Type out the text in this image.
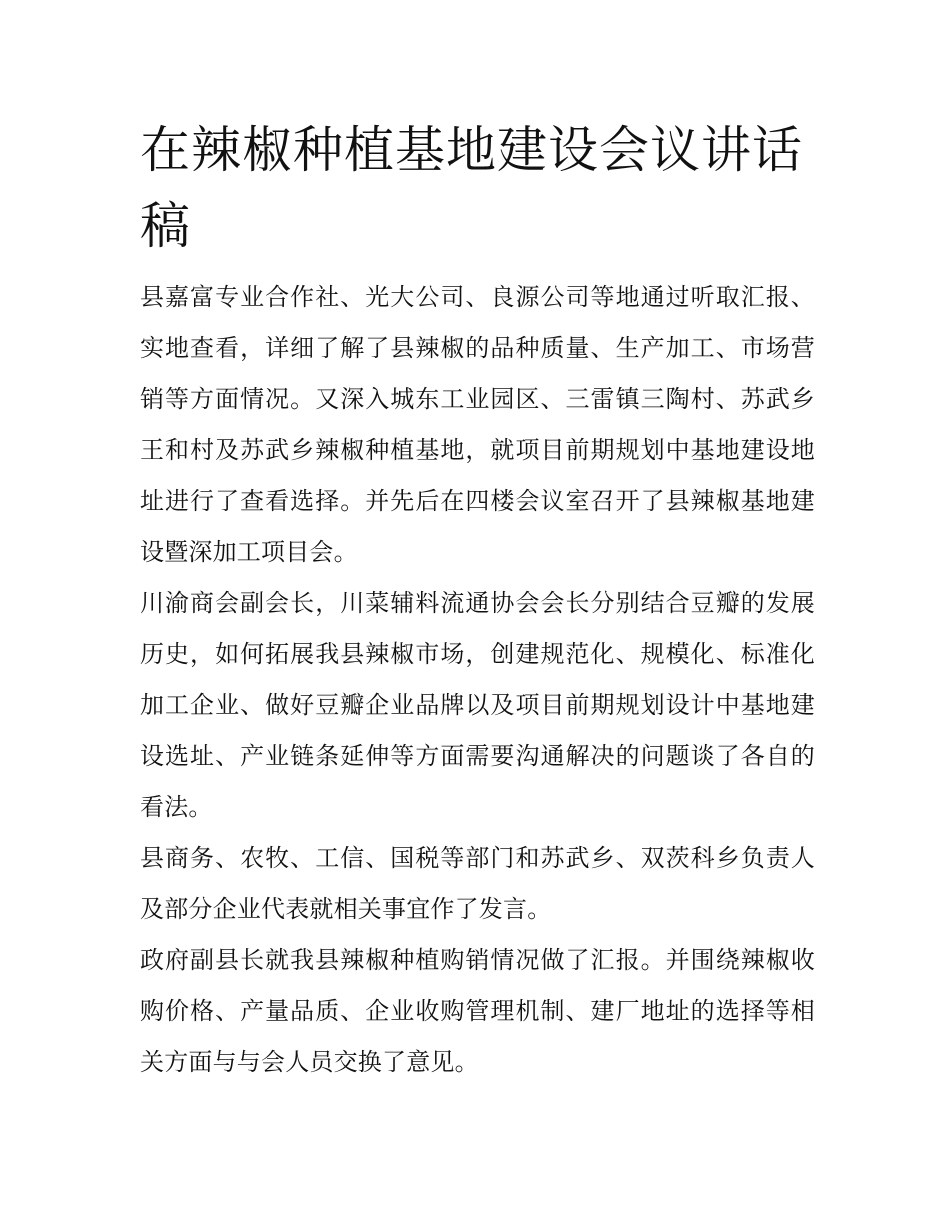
在辣椒种植基地建设会议讲话稿

县嘉富专业合作社、光大公司、良源公司等地通过听取汇报、实地查看，详细了解了县辣椒的品种质量、生产加工、市场营销等方面情况。又深入城东工业园区、三雷镇三陶村、苏武乡王和村及苏武乡辣椒种植基地，就项目前期规划中基地建设地址进行了查看选择。并先后在四楼会议室召开了县辣椒基地建设暨深加工项目会。

川渝商会副会长，川菜辅料流通协会会长分别结合豆瓣的发展历史，如何拓展我县辣椒市场，创建规范化、规模化、标准化加工企业、做好豆瓣企业品牌以及项目前期规划设计中基地建设选址、产业链条延伸等方面需要沟通解决的问题谈了各自的看法。

县商务、农牧、工信、国税等部门和苏武乡、双茨科乡负责人及部分企业代表就相关事宜作了发言。

政府副县长就我县辣椒种植购销情况做了汇报。并围绕辣椒收购价格、产量品质、企业收购管理机制、建厂地址的选择等相关方面与与会人员交换了意见。
